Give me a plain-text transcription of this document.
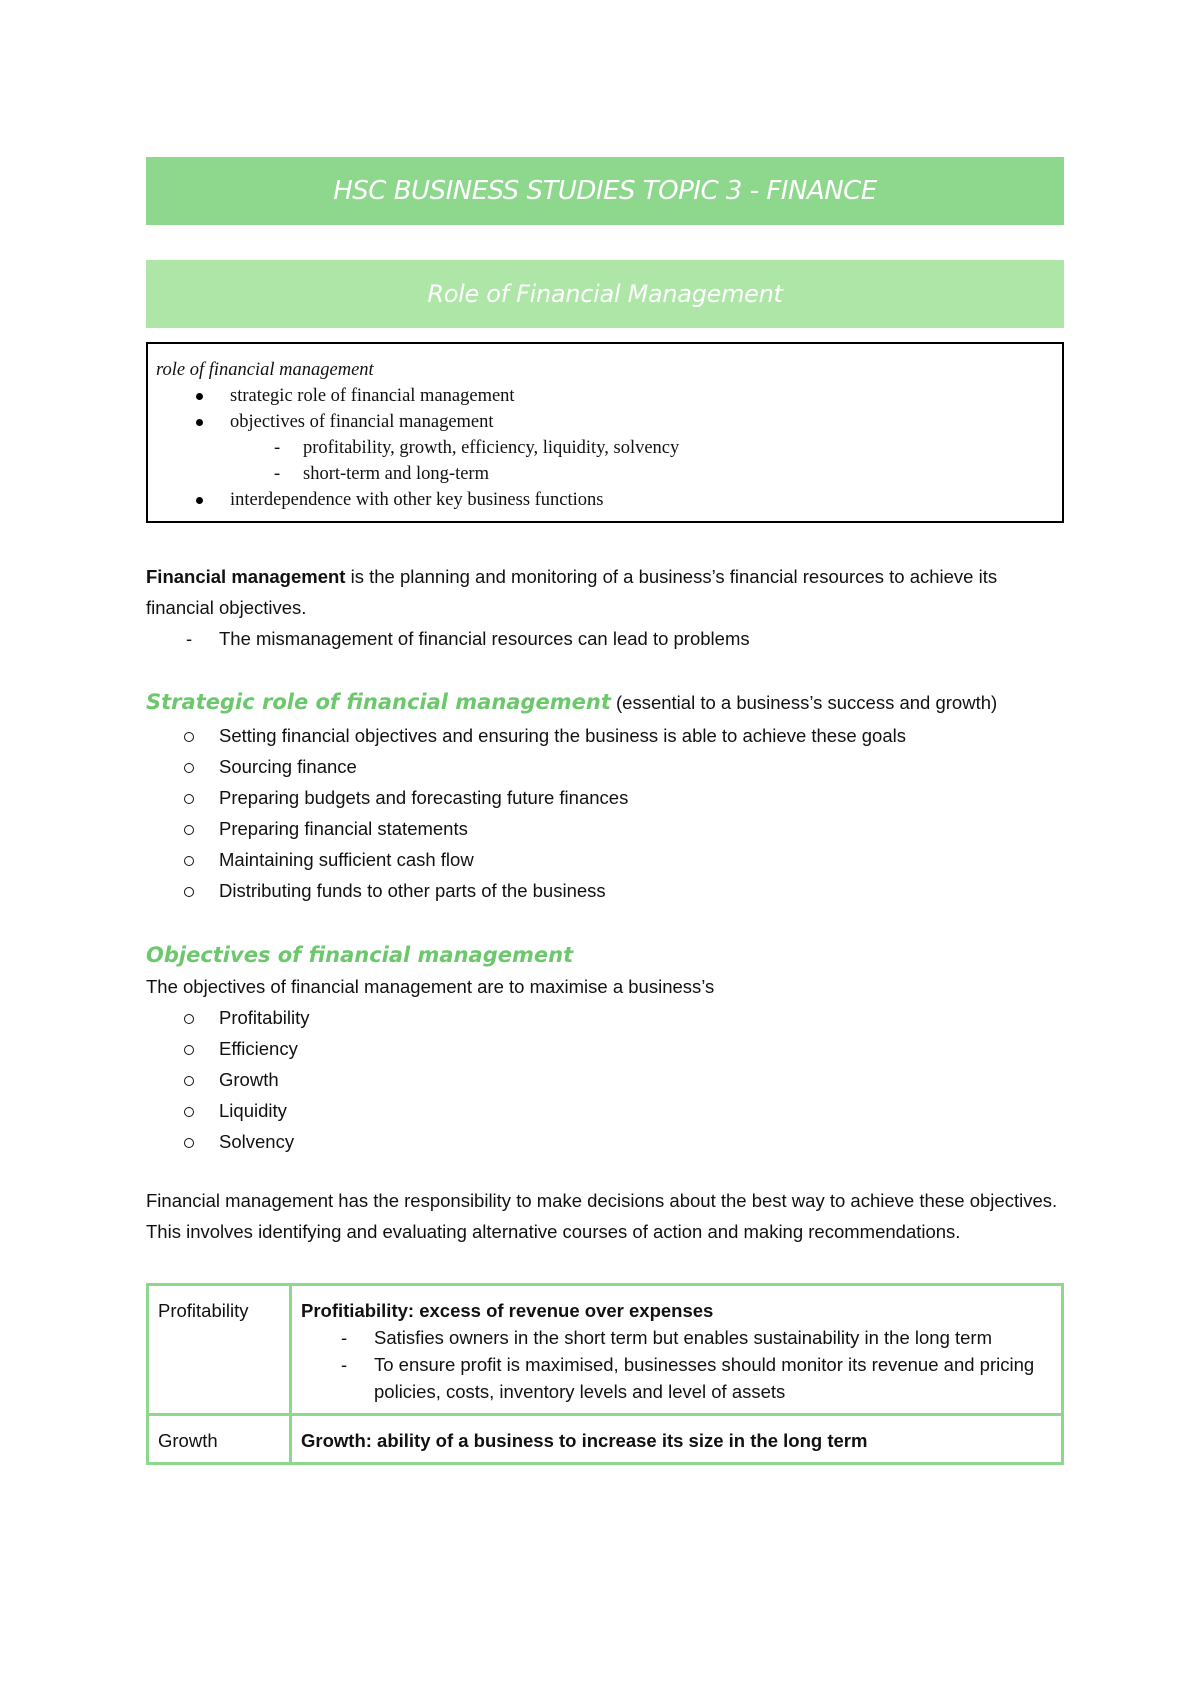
HSC BUSINESS STUDIES TOPIC 3 - FINANCE
Role of Financial Management
role of financial management
strategic role of financial management
objectives of financial management
- profitability, growth, efficiency, liquidity, solvency
- short-term and long-term
interdependence with other key business functions
Financial management is the planning and monitoring of a business’s financial resources to achieve its financial objectives.
- The mismanagement of financial resources can lead to problems
Strategic role of financial management (essential to a business’s success and growth)
Setting financial objectives and ensuring the business is able to achieve these goals
Sourcing finance
Preparing budgets and forecasting future finances
Preparing financial statements
Maintaining sufficient cash flow
Distributing funds to other parts of the business
Objectives of financial management
The objectives of financial management are to maximise a business’s
Profitability
Efficiency
Growth
Liquidity
Solvency
Financial management has the responsibility to make decisions about the best way to achieve these objectives. This involves identifying and evaluating alternative courses of action and making recommendations.
Profitability	Profitiability: excess of revenue over expenses
- Satisfies owners in the short term but enables sustainability in the long term
- To ensure profit is maximised, businesses should monitor its revenue and pricing policies, costs, inventory levels and level of assets

Growth	Growth: ability of a business to increase its size in the long term
